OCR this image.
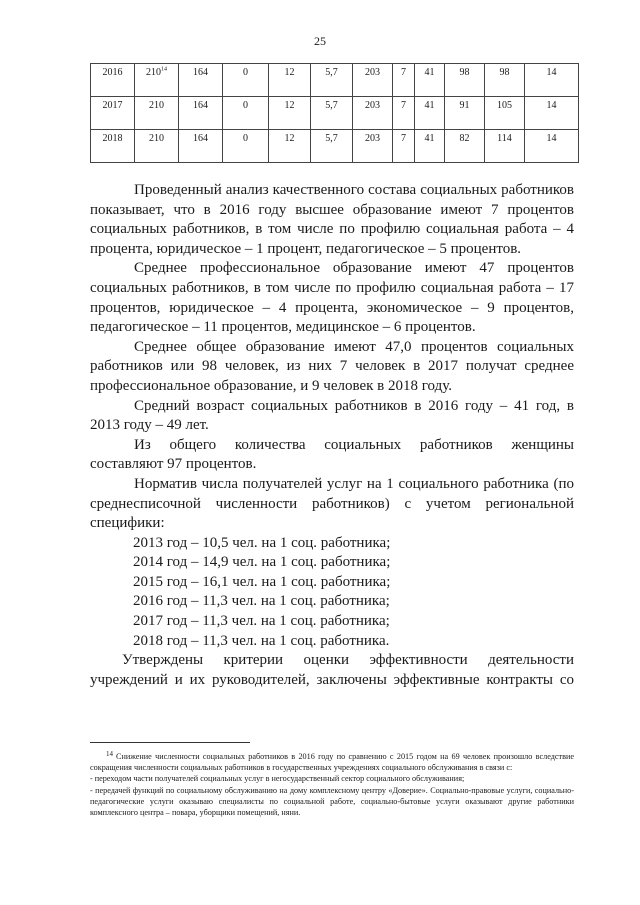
25
2016	$210^{14}$	164	0	12	5,7	203	7	41	98	98	14
2017	210	164	0	12	5,7	203	7	41	91	105	14
2018	210	164	0	12	5,7	203	7	41	82	114	14

Проведенный анализ качественного состава социальных работников показывает, что в 2016 году высшее образование имеют 7 процентов социальных работников, в том числе по профилю социальная работа – 4 процента, юридическое – 1 процент, педагогическое – 5 процентов.

Среднее профессиональное образование имеют 47 процентов социальных работников, в том числе по профилю социальная работа – 17 процентов, юридическое – 4 процента, экономическое – 9 процентов, педагогическое – 11 процентов, медицинское – 6 процентов.

Среднее общее образование имеют 47,0 процентов социальных работников или 98 человек, из них 7 человек в 2017 получат среднее профессиональное образование, и 9 человек в 2018 году.

Средний возраст социальных работников в 2016 году – 41 год, в 2013 году – 49 лет.

Из общего количества социальных работников женщины составляют 97 процентов.

Норматив числа получателей услуг на 1 социального работника (по среднесписочной численности работников) с учетом региональной специфики:

2013 год – 10,5 чел. на 1 соц. работника;
2014 год – 14,9 чел. на 1 соц. работника;
2015 год – 16,1 чел. на 1 соц. работника;
2016 год – 11,3 чел. на 1 соц. работника;
2017 год – 11,3 чел. на 1 соц. работника;
2018 год – 11,3 чел. на 1 соц. работника.

Утверждены критерии оценки эффективности деятельности учреждений и их руководителей, заключены эффективные контракты со

14 Снижение численности социальных работников в 2016 году по сравнению с 2015 годом на 69 человек произошло вследствие сокращения численности социальных работников в государственных учреждениях социального обслуживания в связи с:

- переходом части получателей социальных услуг в негосударственный сектор социального обслуживания;

- передачей функций по социальному обслуживанию на дому комплексному центру «Доверие». Социально-правовые услуги, социально-педагогические услуги оказываю специалисты по социальной работе, социально-бытовые услуги оказывают другие работники комплексного центра – повара, уборщики помещений, няни.
